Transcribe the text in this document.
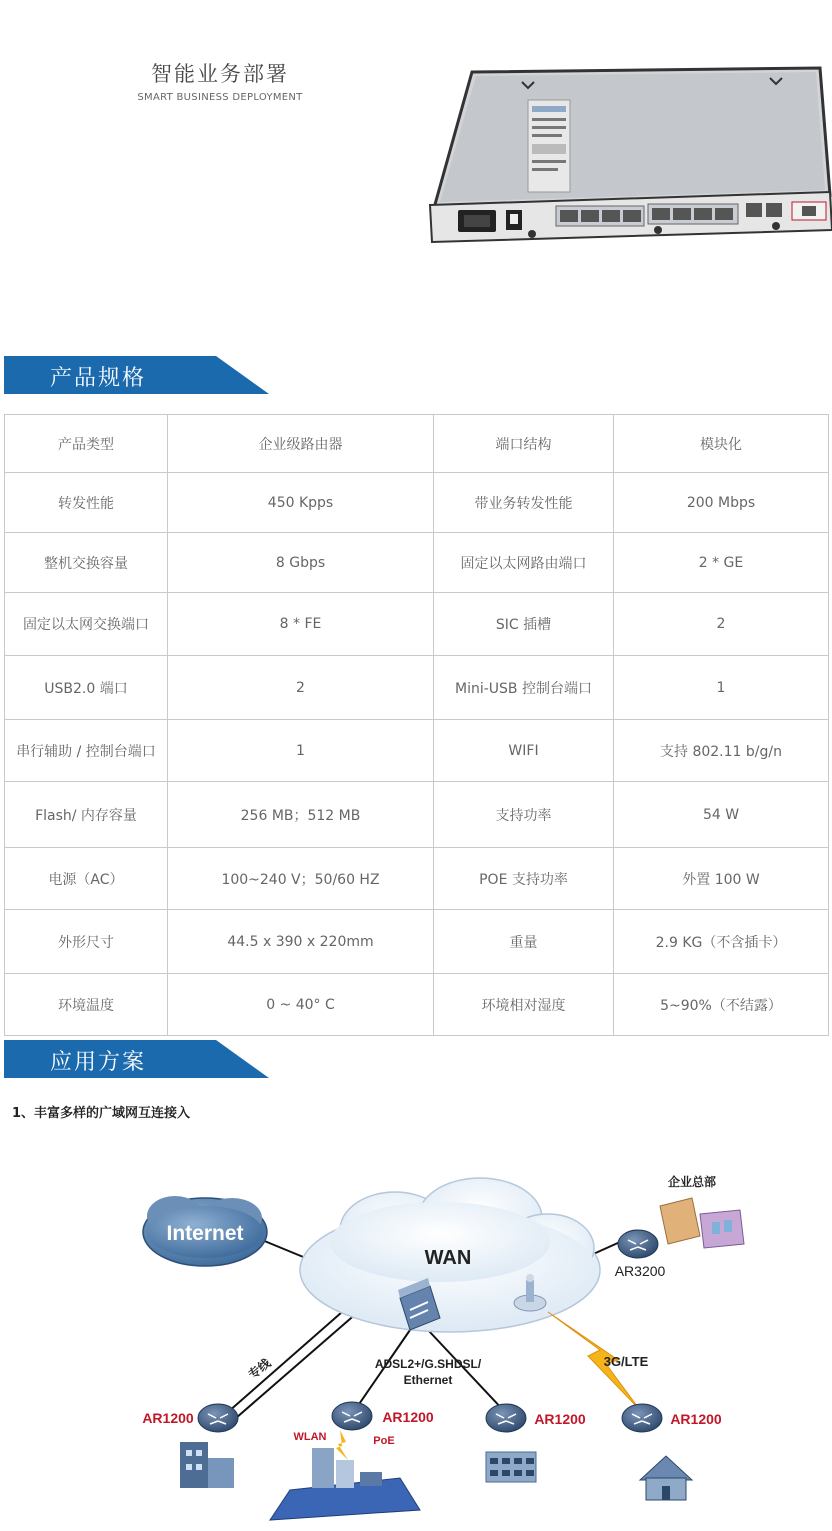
智能业务部署
SMART BUSINESS DEPLOYMENT
产品规格
产品类型	企业级路由器	端口结构	模块化
转发性能	450 Kpps	带业务转发性能	200 Mbps
整机交换容量	8 Gbps	固定以太网路由端口	2 * GE
固定以太网交换端口	8 * FE	SIC 插槽	2
USB2.0 端口	2	Mini-USB 控制台端口	1
串行辅助 / 控制台端口	1	WIFI	支持 802.11 b/g/n
Flash/ 内存容量	256 MB；512 MB	支持功率	54 W
电源（AC）	100~240 V；50/60 HZ	POE 支持功率	外置 100 W
外形尺寸	44.5 x 390 x 220mm	重量	2.9 KG（不含插卡）
环境温度	0 ~ 40° C	环境相对湿度	5~90%（不结露）
应用方案
1、丰富多样的广域网互连接入
Internet
WAN
企业总部
AR3200
3G/LTE
ADSL2+/G.SHDSL/
Ethernet
专线
AR1200	AR1200	AR1200	AR1200
WLAN	PoE
